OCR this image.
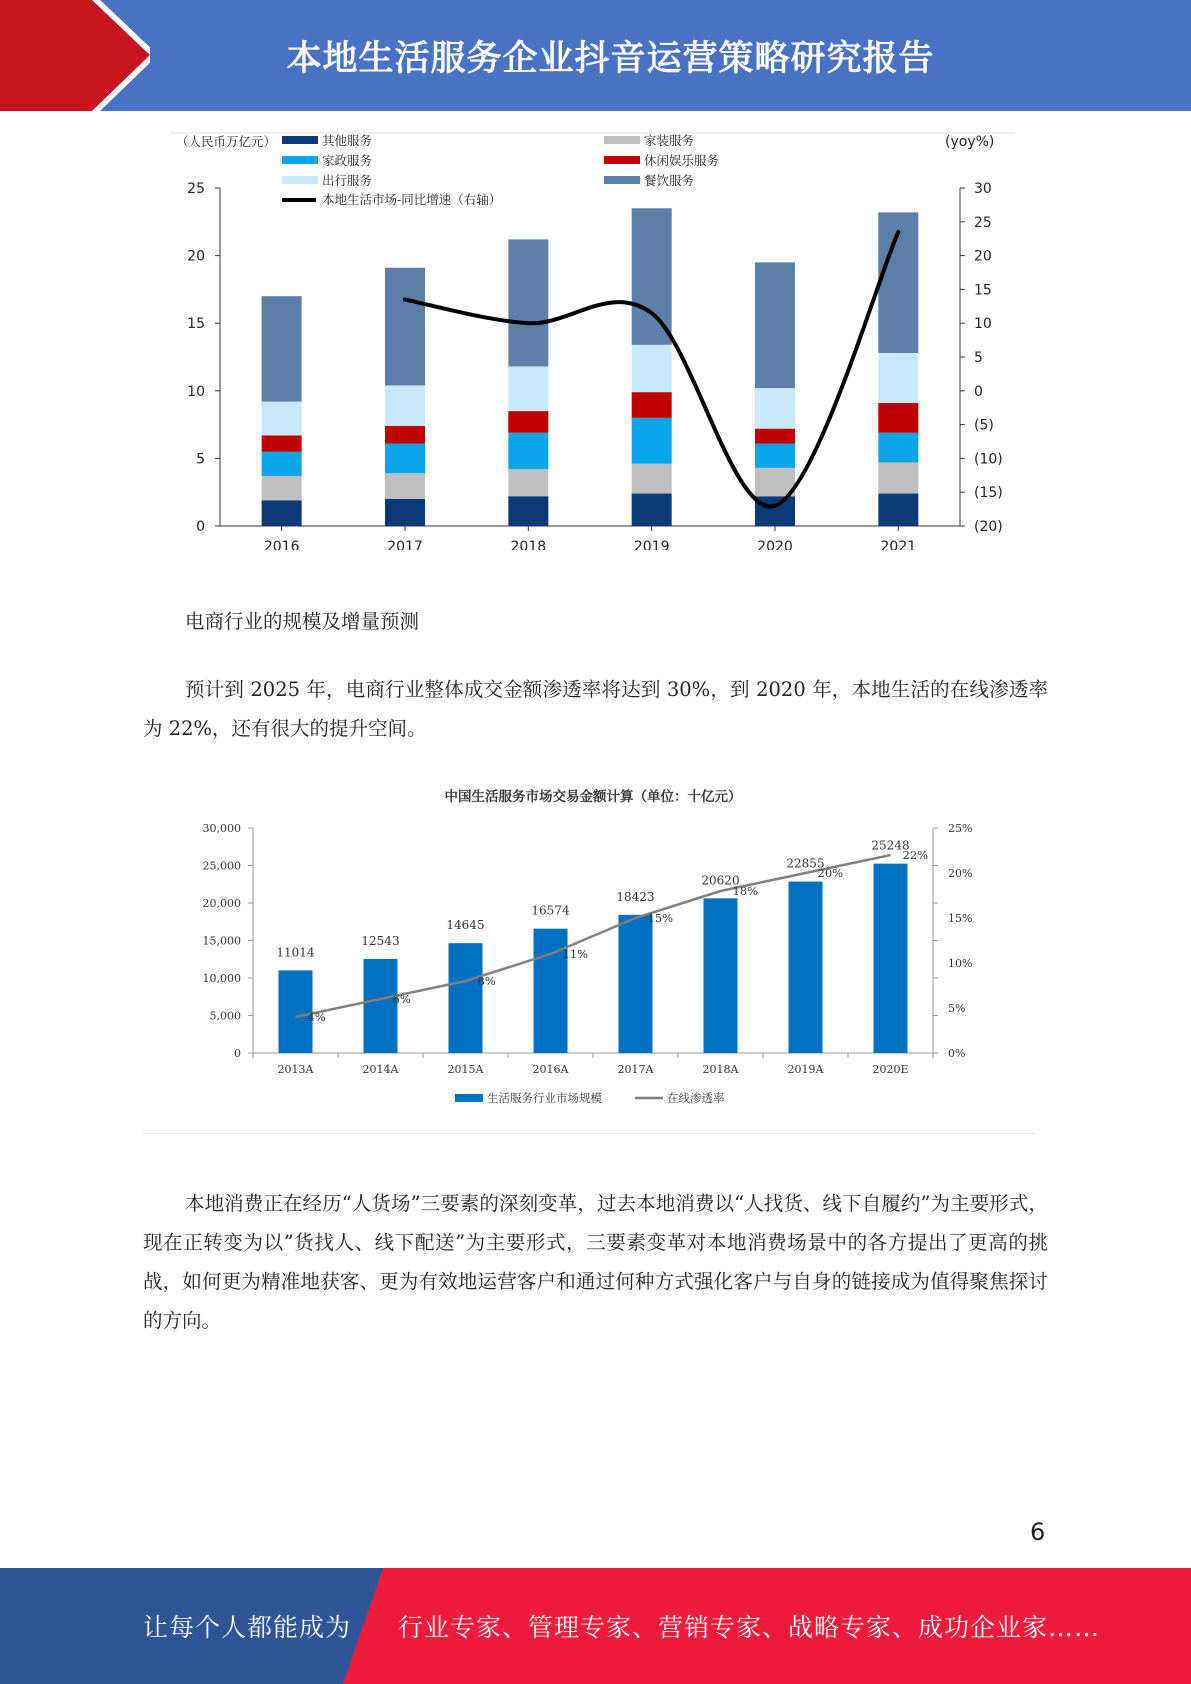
本地生活服务企业抖音运营策略研究报告
0
5
10
15
20
25
(20)
(15)
(10)
(5)
0
5
10
15
20
25
30
2016	2017	2018	2019	2020	2021
（人民币万亿元）	(yoy%)
其他服务	家装服务
家政服务	休闲娱乐服务
出行服务	餐饮服务
本地生活市场-同比增速（右轴）

电商行业的规模及增量预测

预计到 2025 年，电商行业整体成交金额渗透率将达到 30%，到 2020 年，本地生活的在线渗透率为 22%，还有很大的提升空间。

中国生活服务市场交易金额计算（单位：十亿元）
0
5,000
10,000
15,000
20,000
25,000
30,000
0%
5%
10%
15%
20%
25%
11014
2013A
12543
2014A
14645
2015A
16574
2016A
18423
2017A
20620
2018A
22855
2019A
25248
2020E
4%
6%
8%
11%
15%
18%
20%
22%
生活服务行业市场规模	在线渗透率

本地消费正在经历“人货场”三要素的深刻变革，过去本地消费以“人找货、线下自履约”为主要形式，现在正转变为以”货找人、线下配送”为主要形式，三要素变革对本地消费场景中的各方提出了更高的挑战，如何更为精准地获客、更为有效地运营客户和通过何种方式强化客户与自身的链接成为值得聚焦探讨的方向。

6
让每个人都能成为 行业专家、管理专家、营销专家、战略专家、成功企业家……
